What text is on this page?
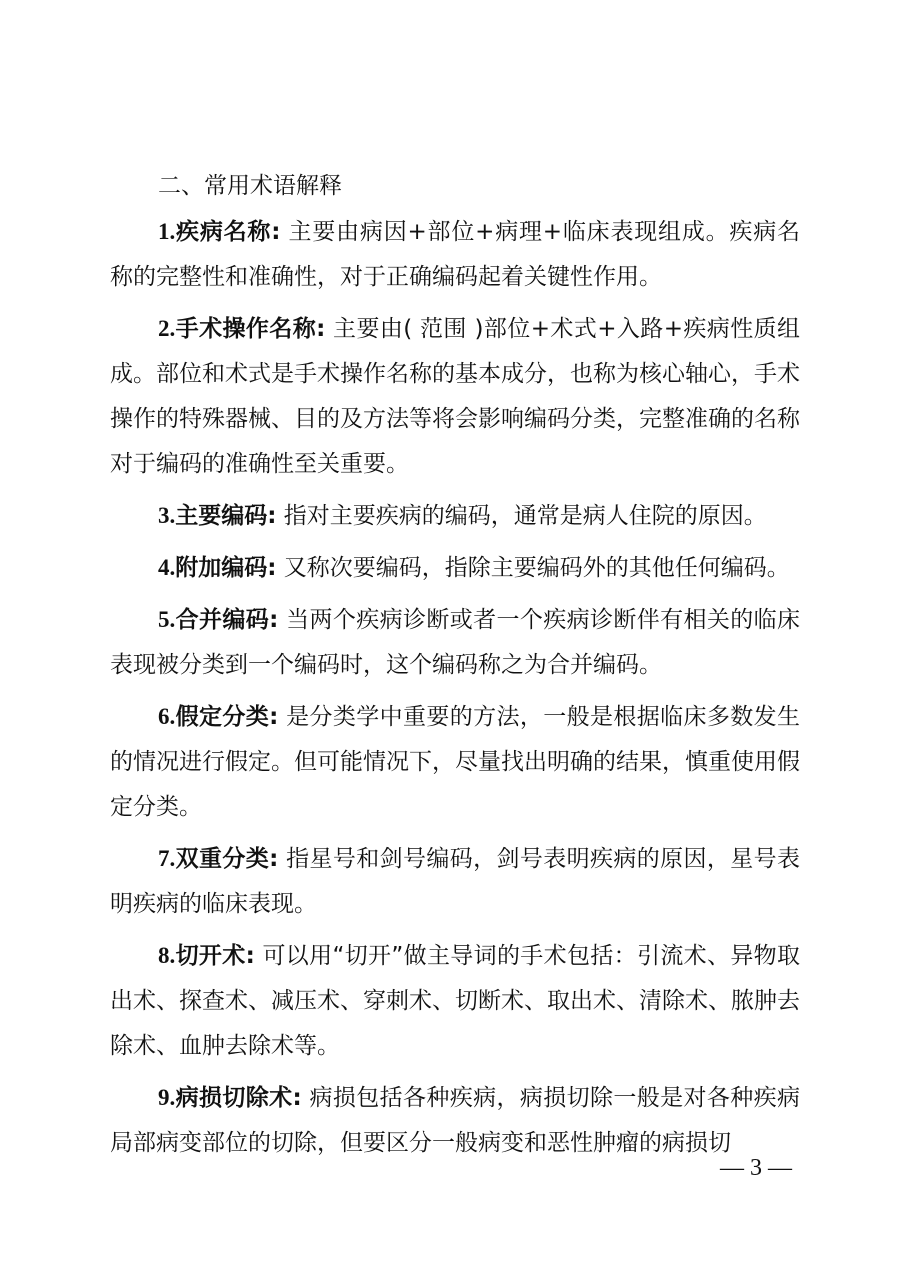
二、常用术语解释

1.疾病名称: 主要由病因+部位+病理+临床表现组成。疾病名称的完整性和准确性，对于正确编码起着关键性作用。

2.手术操作名称: 主要由( 范围 )部位+术式+入路+疾病性质组成。部位和术式是手术操作名称的基本成分，也称为核心轴心，手术操作的特殊器械、目的及方法等将会影响编码分类，完整准确的名称对于编码的准确性至关重要。

3.主要编码: 指对主要疾病的编码，通常是病人住院的原因。

4.附加编码: 又称次要编码，指除主要编码外的其他任何编码。

5.合并编码: 当两个疾病诊断或者一个疾病诊断伴有相关的临床表现被分类到一个编码时，这个编码称之为合并编码。

6.假定分类: 是分类学中重要的方法，一般是根据临床多数发生的情况进行假定。但可能情况下，尽量找出明确的结果，慎重使用假定分类。

7.双重分类: 指星号和剑号编码，剑号表明疾病的原因，星号表明疾病的临床表现。

8.切开术: 可以用“切开”做主导词的手术包括：引流术、异物取出术、探查术、减压术、穿刺术、切断术、取出术、清除术、脓肿去除术、血肿去除术等。

9.病损切除术: 病损包括各种疾病，病损切除一般是对各种疾病局部病变部位的切除，但要区分一般病变和恶性肿瘤的病损切

— 3 —
